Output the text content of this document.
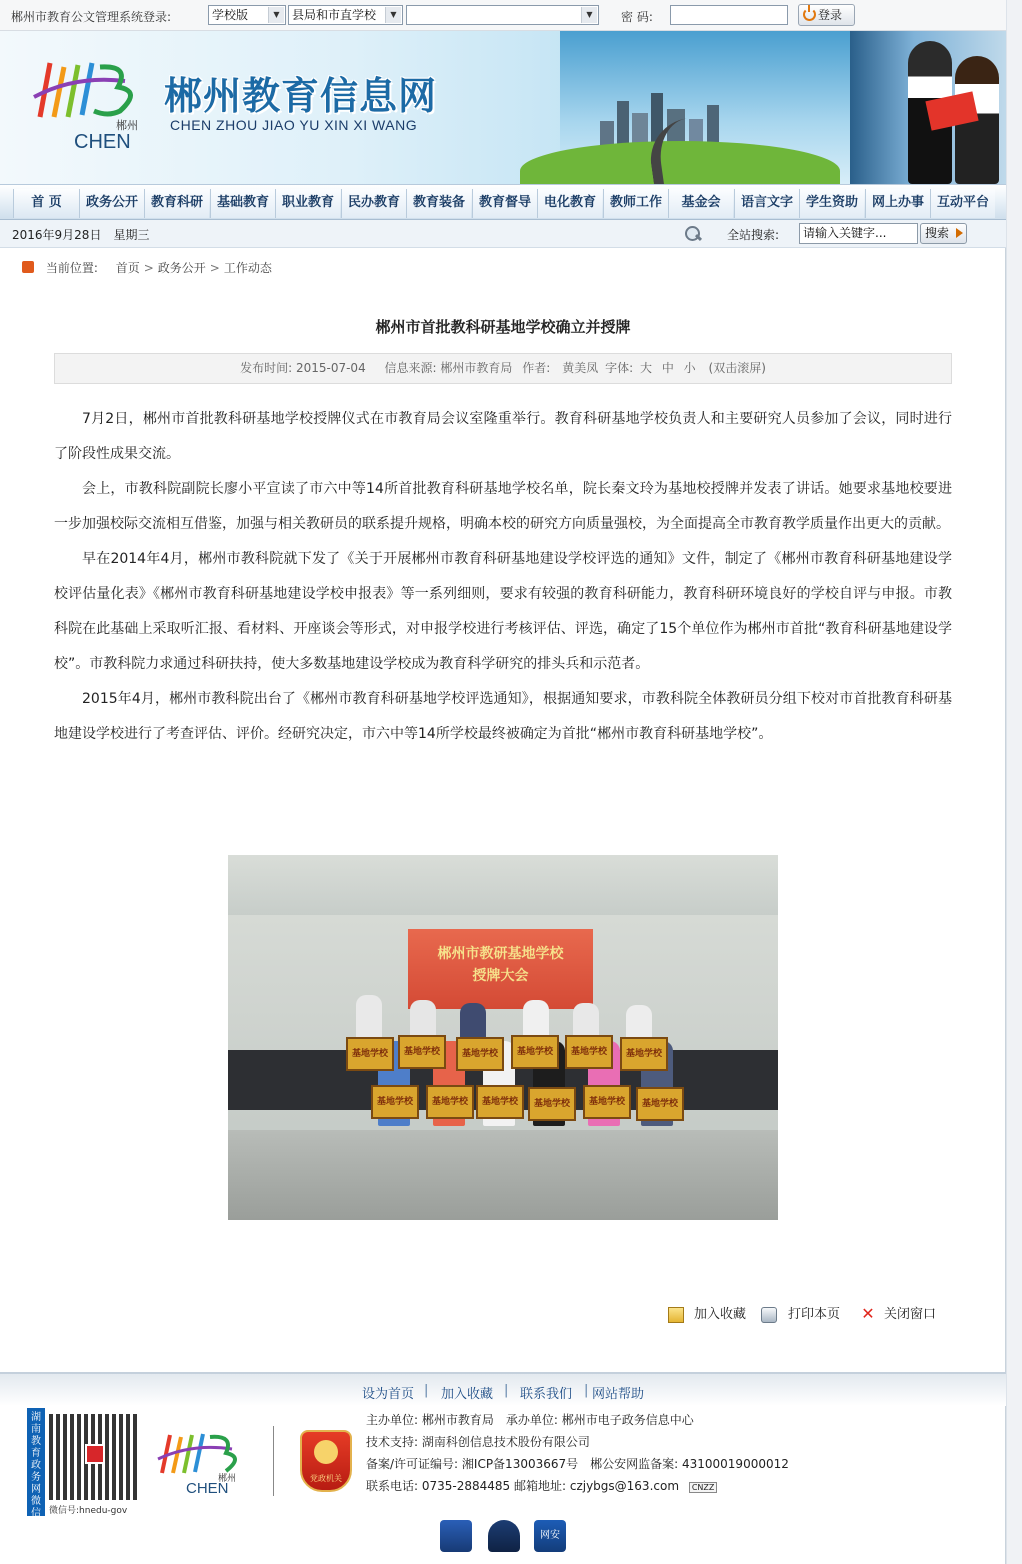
郴州市教育公文管理系统登录:	学校版	▼	县局和市直学校	▼	▼	密 码:	登录
郴州
CHEN
郴州教育信息网
CHEN ZHOU JIAO YU XIN XI WANG
首 页	政务公开 教育科研	基础教育 职业教育	民办教育 教育装备	教育督导 电化教育	教师工作	基金会	语言文字 学生资助	网上办事 互动平台
2016年9月28日　星期三	全站搜索:	请输入关键字...	搜索
当前位置: 首页 > 政务公开 > 工作动态
郴州市首批教科研基地学校确立并授牌
发布时间: 2015-07-04 信息来源: 郴州市教育局 作者:　黄美凤 字体: 大 中 小 (双击滚屏)

7月2日，郴州市首批教科研基地学校授牌仪式在市教育局会议室隆重举行。教育科研基地学校负责人和主要研究人员参加了会议，同时进行了阶段性成果交流。

会上，市教科院副院长廖小平宣读了市六中等14所首批教育科研基地学校名单，院长秦文玲为基地校授牌并发表了讲话。她要求基地校要进一步加强校际交流相互借鉴，加强与相关教研员的联系提升规格，明确本校的研究方向质量强校，为全面提高全市教育教学质量作出更大的贡献。

早在2014年4月，郴州市教科院就下发了《关于开展郴州市教育科研基地建设学校评选的通知》文件，制定了《郴州市教育科研基地建设学校评估量化表》《郴州市教育科研基地建设学校申报表》等一系列细则，要求有较强的教育科研能力，教育科研环境良好的学校自评与申报。市教科院在此基础上采取听汇报、看材料、开座谈会等形式，对申报学校进行考核评估、评选，确定了15个单位作为郴州市首批“教育科研基地建设学校”。市教科院力求通过科研扶持，使大多数基地建设学校成为教育科学研究的排头兵和示范者。

2015年4月，郴州市教科院出台了《郴州市教育科研基地学校评选通知》，根据通知要求，市教科院全体教研员分组下校对市首批教育科研基地建设学校进行了考查评估、评价。经研究决定，市六中等14所学校最终被确定为首批“郴州市教育科研基地学校”。

郴州市教研基地学校
授牌大会
基地学校	基地学校	基地学校	基地学校	基地学校	基地学校
基地学校	基地学校	基地学校	基地学校	基地学校	基地学校
加入收藏	打印本页 ✕ 关闭窗口
设为首页 | 加入收藏 | 联系我们 | 网站帮助
湖南教育政务网微信 微信号:hnedu-gov
郴州
CHEN
党政机关
主办单位: 郴州市教育局　承办单位: 郴州市电子政务信息中心
技术支持: 湖南科创信息技术股份有限公司
备案/许可证编号: 湘ICP备13003667号　郴公安网监备案: 43100019000012
联系电话: 0735-2884485 邮箱地址: czjybgs@163.com CNZZ
网安
